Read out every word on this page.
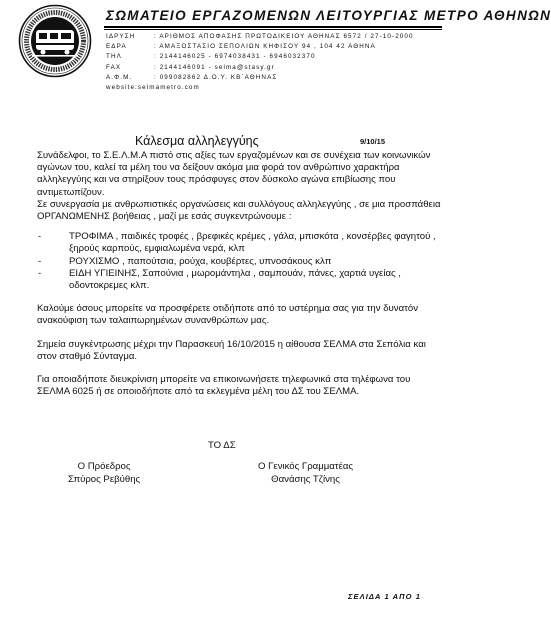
ΣΩΜΑΤΕΙΟ ΕΡΓΑΖΟΜΕΝΩΝ ΛΕΙΤΟΥΡΓΙΑΣ ΜΕΤΡΟ ΑΘΗΝΩΝ
ΙΔΡΥΣΗ	: ΑΡΙΘΜΟΣ ΑΠΟΦΑΣΗΣ ΠΡΩΤΟΔΙΚΕΙΟΥ ΑΘΗΝΑΣ 6572 / 27-10-2000
ΕΔΡΑ	: ΑΜΑΞΟΣΤΑΣΙΟ ΣΕΠΟΛΙΩΝ ΚΗΦΙΣΟΥ 94 , 104 42 ΑΘΗΝΑ
ΤΗΛ	: 2144146025 - 6974038431 - 6946032370
FAX	: 2144146091 - selma@stasy.gr
Α.Φ.Μ.	: 099082862 Δ.Ο.Υ. ΚΒ΄ΑΘΗΝΑΣ
website:selmametro.com
Κάλεσμα αλληλεγγύης	9/10/15

Συνάδελφοι, το Σ.Ε.Λ.Μ.Α πιστό στις αξίες των εργαζομένων και σε συνέχεια των κοινωνικών αγώνων του, καλεί τα μέλη του να δείξουν ακόμα μια φορά τον ανθρώπινο χαρακτήρα αλληλεγγύης και να στηρίξουν τους πρόσφυγες στον δύσκολο αγώνα επιβίωσης που αντιμετωπίζουν.

Σε συνεργασία με ανθρωπιστικές οργανώσεις και συλλόγους αλληλεγγύης , σε μια προσπάθεια ΟΡΓΑΝΩΜΕΝΗΣ βοήθειας , μαζί με εσάς συγκεντρώνουμε :

-	ΤΡΟΦΙΜΑ , παιδικές τροφές , βρεφικές κρέμες , γάλα, μπισκότα , κονσέρβες φαγητού , ξηρούς καρπούς, εμφιαλωμένα νερά, κλπ
-	ΡΟΥΧΙΣΜΟ , παπούτσια, ρούχα, κουβέρτες, υπνοσάκους κλπ
-	ΕΙΔΗ ΥΓΙΕΙΝΗΣ, Σαπούνια , μωρομάντηλα , σαμπουάν, πάνες, χαρτιά υγείας , οδοντοκρεμες κλπ.

Καλούμε όσους μπορείτε να προσφέρετε οτιδήποτε από το υστέρημα σας για την δυνατόν ανακούφιση των ταλαιπωρημένων συνανθρώπων μας.

Σημεία συγκέντρωσης μέχρι την Παρασκευή 16/10/2015 η αίθουσα ΣΕΛΜΑ στα Σεπόλια και στον σταθμό Σύνταγμα.

Για οποιαδήποτε διευκρίνιση μπορείτε να επικοινωνήσετε τηλεφωνικά στα τηλέφωνα του ΣΕΛΜΑ 6025 ή σε οποιοδήποτε από τα εκλεγμένα μέλη του ΔΣ του ΣΕΛΜΑ.

ΤΟ ΔΣ
Ο Πρόεδρος
Σπύρος Ρεβύθης
Ο Γενικός Γραμματέας
Θανάσης Τζίνης
ΣΕΛΙΔΑ 1 ΑΠΟ 1
